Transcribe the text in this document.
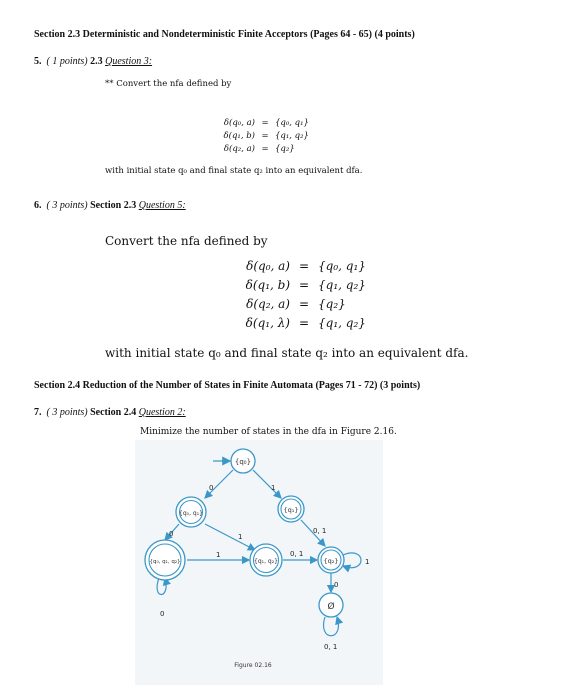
Section 2.3 Deterministic and Nondeterministic Finite Acceptors (Pages 64 - 65) (4 points)
5. ( 1 points) 2.3 Question 3:
** Convert the nfa defined by
δ(q₀, a) = {q₀, q₁}
δ(q₁, b) = {q₁, q₂}
δ(q₂, a) = {q₂}
with initial state q₀ and final state q₂ into an equivalent dfa.
6. ( 3 points) Section 2.3 Question 5:
Convert the nfa defined by
δ(q₀, a) = {q₀, q₁}
δ(q₁, b) = {q₁, q₂}
δ(q₂, a) = {q₂}
δ(q₁, λ) = {q₁, q₂}
with initial state q₀ and final state q₂ into an equivalent dfa.
Section 2.4 Reduction of the Number of States in Finite Automata (Pages 71 - 72) (3 points)
7. ( 3 points) Section 2.4 Question 2:
Minimize the number of states in the dfa in Figure 2.16.
{q₀}
{q₀, q₁}	{q₁}
{q₀, q₁, q₂}	{q₁, q₂}	{q₂}
Ø
0	1
1
0
1
0
0, 1
0, 1
1
0
0, 1
Figure 02.16
